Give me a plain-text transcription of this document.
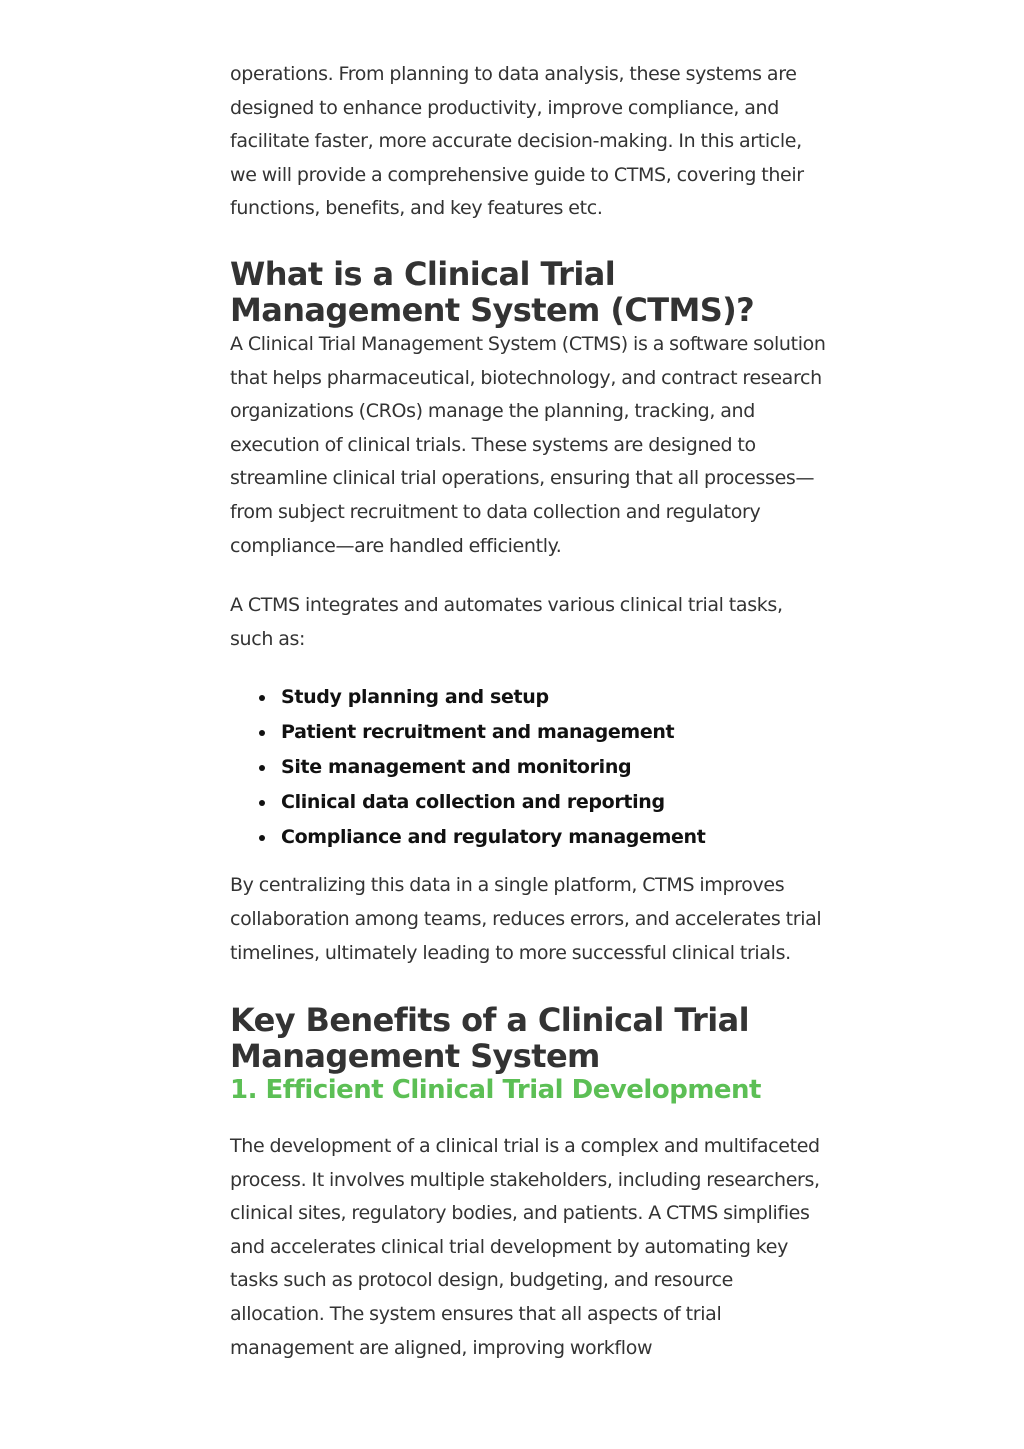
operations. From planning to data analysis, these systems are designed to enhance productivity, improve compliance, and facilitate faster, more accurate decision-making. In this article, we will provide a comprehensive guide to CTMS, covering their functions, benefits, and key features etc.

What is a Clinical Trial Management System (CTMS)?

A Clinical Trial Management System (CTMS) is a software solution that helps pharmaceutical, biotechnology, and contract research organizations (CROs) manage the planning, tracking, and execution of clinical trials. These systems are designed to streamline clinical trial operations, ensuring that all processes—from subject recruitment to data collection and regulatory compliance—are handled efficiently.

A CTMS integrates and automates various clinical trial tasks, such as:

Study planning and setup
Patient recruitment and management
Site management and monitoring
Clinical data collection and reporting
Compliance and regulatory management

By centralizing this data in a single platform, CTMS improves collaboration among teams, reduces errors, and accelerates trial timelines, ultimately leading to more successful clinical trials.

Key Benefits of a Clinical Trial Management System
1. Efficient Clinical Trial Development

The development of a clinical trial is a complex and multifaceted process. It involves multiple stakeholders, including researchers, clinical sites, regulatory bodies, and patients. A CTMS simplifies and accelerates clinical trial development by automating key tasks such as protocol design, budgeting, and resource allocation. The system ensures that all aspects of trial management are aligned, improving workflow
